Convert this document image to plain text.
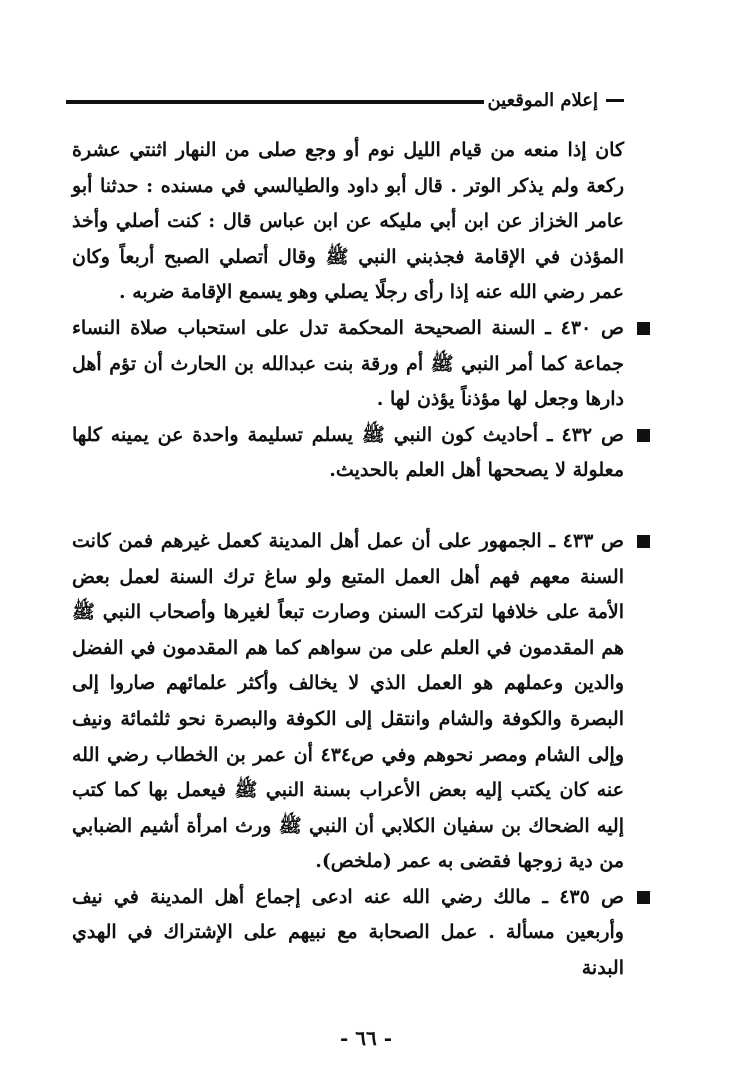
إعلام الموقعين

كان إذا منعه من قيام الليل نوم أو وجع صلى من النهار اثنتي عشرة ركعة ولم يذكر الوتر . قال أبو داود والطيالسي في مسنده : حدثنا أبو عامر الخزاز عن ابن أبي مليكه عن ابن عباس قال : كنت أصلي وأخذ المؤذن في الإقامة فجذبني النبي ﷺ وقال أتصلي الصبح أربعاً وكان عمر رضي الله عنه إذا رأى رجلًا يصلي وهو يسمع الإقامة ضربه .

ص ٤٣٠ ـ السنة الصحيحة المحكمة تدل على استحباب صلاة النساء جماعة كما أمر النبي ﷺ أم ورقة بنت عبدالله بن الحارث أن تؤم أهل دارها وجعل لها مؤذناً يؤذن لها .

ص ٤٣٢ ـ أحاديث كون النبي ﷺ يسلم تسليمة واحدة عن يمينه كلها معلولة لا يصححها أهل العلم بالحديث.

ص ٤٣٣ ـ الجمهور على أن عمل أهل المدينة كعمل غيرهم فمن كانت السنة معهم فهم أهل العمل المتبع ولو ساغ ترك السنة لعمل بعض الأمة على خلافها لتركت السنن وصارت تبعاً لغيرها وأصحاب النبي ﷺ هم المقدمون في العلم على من سواهم كما هم المقدمون في الفضل والدين وعملهم هو العمل الذي لا يخالف وأكثر علمائهم صاروا إلى البصرة والكوفة والشام وانتقل إلى الكوفة والبصرة نحو ثلثمائة ونيف وإلى الشام ومصر نحوهم وفي ص٤٣٤ أن عمر بن الخطاب رضي الله عنه كان يكتب إليه بعض الأعراب بسنة النبي ﷺ فيعمل بها كما كتب إليه الضحاك بن سفيان الكلابي أن النبي ﷺ ورث امرأة أشيم الضبابي من دية زوجها فقضى به عمر (ملخص).

ص ٤٣٥ ـ مالك رضي الله عنه ادعى إجماع أهل المدينة في نيف وأربعين مسألة . عمل الصحابة مع نبيهم على الإشتراك في الهدي البدنة

- ٦٦ -
